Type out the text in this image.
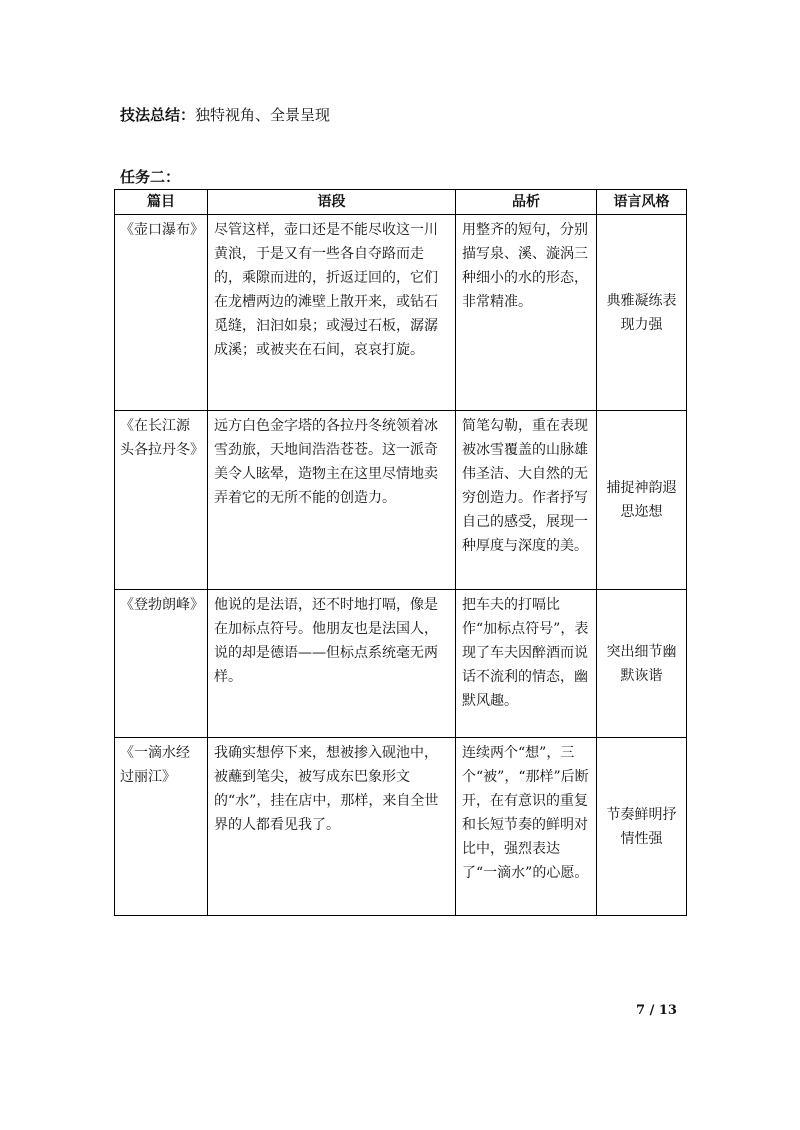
技法总结：独特视角、全景呈现
任务二：
篇目	语段	品析	语言风格
《壶口瀑布》	尽管这样，壶口还是不能尽收这一川黄浪，于是又有一些各自夺路而走的，乘隙而进的，折返迂回的，它们在龙槽两边的滩壁上散开来，或钻石觅缝，汩汩如泉；或漫过石板，潺潺成溪；或被夹在石间，哀哀打旋。	用整齐的短句，分别描写泉、溪、漩涡三种细小的水的形态，非常精准。	典雅凝练表现力强
《在长江源头各拉丹冬》	远方白色金字塔的各拉丹冬统领着冰雪劲旅，天地间浩浩苍苍。这一派奇美令人眩晕，造物主在这里尽情地卖弄着它的无所不能的创造力。	简笔勾勒，重在表现被冰雪覆盖的山脉雄伟圣洁、大自然的无穷创造力。作者抒写自己的感受，展现一种厚度与深度的美。	捕捉神韵遐思迩想
《登勃朗峰》	他说的是法语，还不时地打嗝，像是在加标点符号。他朋友也是法国人，说的却是德语——但标点系统毫无两样。	把车夫的打嗝比作“加标点符号”，表现了车夫因醉酒而说话不流利的情态，幽默风趣。	突出细节幽默诙谐
《一滴水经过丽江》	我确实想停下来，想被掺入砚池中，被蘸到笔尖，被写成东巴象形文的“水”，挂在店中，那样，来自全世界的人都看见我了。	连续两个“想”，三个“被”，“那样”后断开，在有意识的重复和长短节奏的鲜明对比中，强烈表达了“一滴水”的心愿。	节奏鲜明抒情性强
7 / 13
